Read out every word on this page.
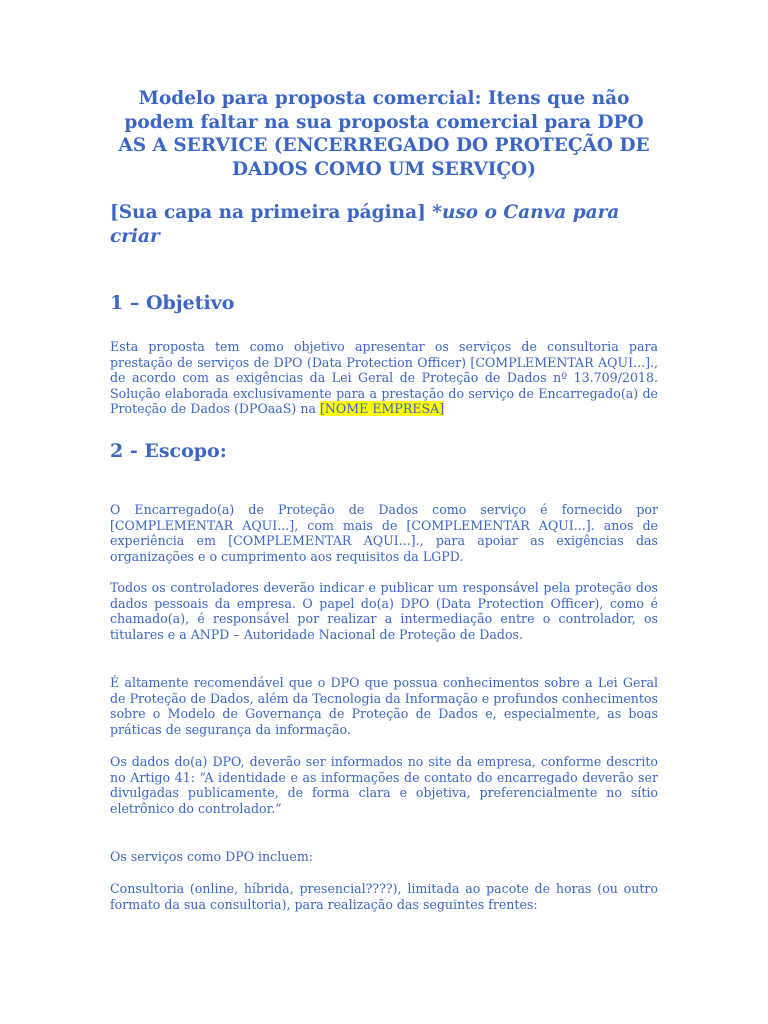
Modelo para proposta comercial: Itens que não podem faltar na sua proposta comercial para DPO AS A SERVICE (ENCERREGADO DO PROTEÇÃO DE DADOS COMO UM SERVIÇO)
[Sua capa na primeira página] *uso o Canva para criar
1 – Objetivo

Esta proposta tem como objetivo apresentar os serviços de consultoria para prestação de serviços de DPO (Data Protection Officer) [COMPLEMENTAR AQUI...]., de acordo com as exigências da Lei Geral de Proteção de Dados nº 13.709/2018. Solução elaborada exclusivamente para a prestação do serviço de Encarregado(a) de Proteção de Dados (DPOaaS) na [NOME EMPRESA]

2 - Escopo:

O Encarregado(a) de Proteção de Dados como serviço é fornecido por [COMPLEMENTAR AQUI...], com mais de [COMPLEMENTAR AQUI...]. anos de experiência em [COMPLEMENTAR AQUI...]., para apoiar as exigências das organizações e o cumprimento aos requisitos da LGPD.

Todos os controladores deverão indicar e publicar um responsável pela proteção dos dados pessoais da empresa. O papel do(a) DPO (Data Protection Officer), como é chamado(a), é responsável por realizar a intermediação entre o controlador, os titulares e a ANPD – Autoridade Nacional de Proteção de Dados.

É altamente recomendável que o DPO que possua conhecimentos sobre a Lei Geral de Proteção de Dados, além da Tecnologia da Informação e profundos conhecimentos sobre o Modelo de Governança de Proteção de Dados e, especialmente, as boas práticas de segurança da informação.

Os dados do(a) DPO, deverão ser informados no site da empresa, conforme descrito no Artigo 41: “A identidade e as informações de contato do encarregado deverão ser divulgadas publicamente, de forma clara e objetiva, preferencialmente no sítio eletrônico do controlador.”

Os serviços como DPO incluem:

Consultoria (online, híbrida, presencial????), limitada ao pacote de horas (ou outro formato da sua consultoria), para realização das seguintes frentes:
